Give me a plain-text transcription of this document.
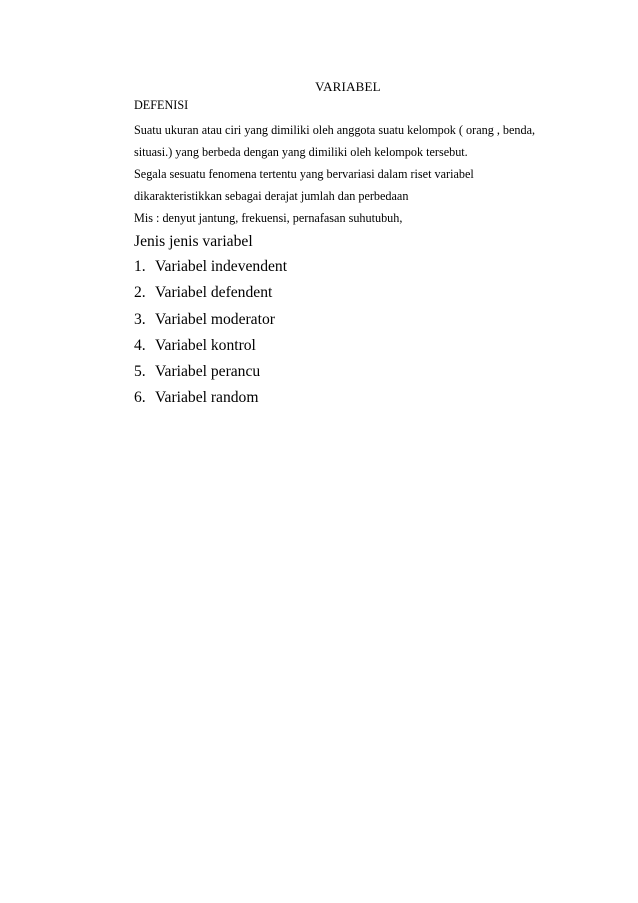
VARIABEL
DEFENISI
Suatu ukuran atau ciri yang dimiliki oleh anggota suatu kelompok ( orang , benda,
situasi.) yang berbeda dengan yang dimiliki oleh kelompok tersebut.
Segala sesuatu fenomena tertentu yang bervariasi dalam riset variabel
dikarakteristikkan sebagai derajat jumlah dan perbedaan
Mis : denyut jantung, frekuensi, pernafasan suhutubuh,
Jenis jenis variabel
1. Variabel indevendent
2. Variabel defendent
3. Variabel moderator
4. Variabel kontrol
5. Variabel perancu
6. Variabel random
